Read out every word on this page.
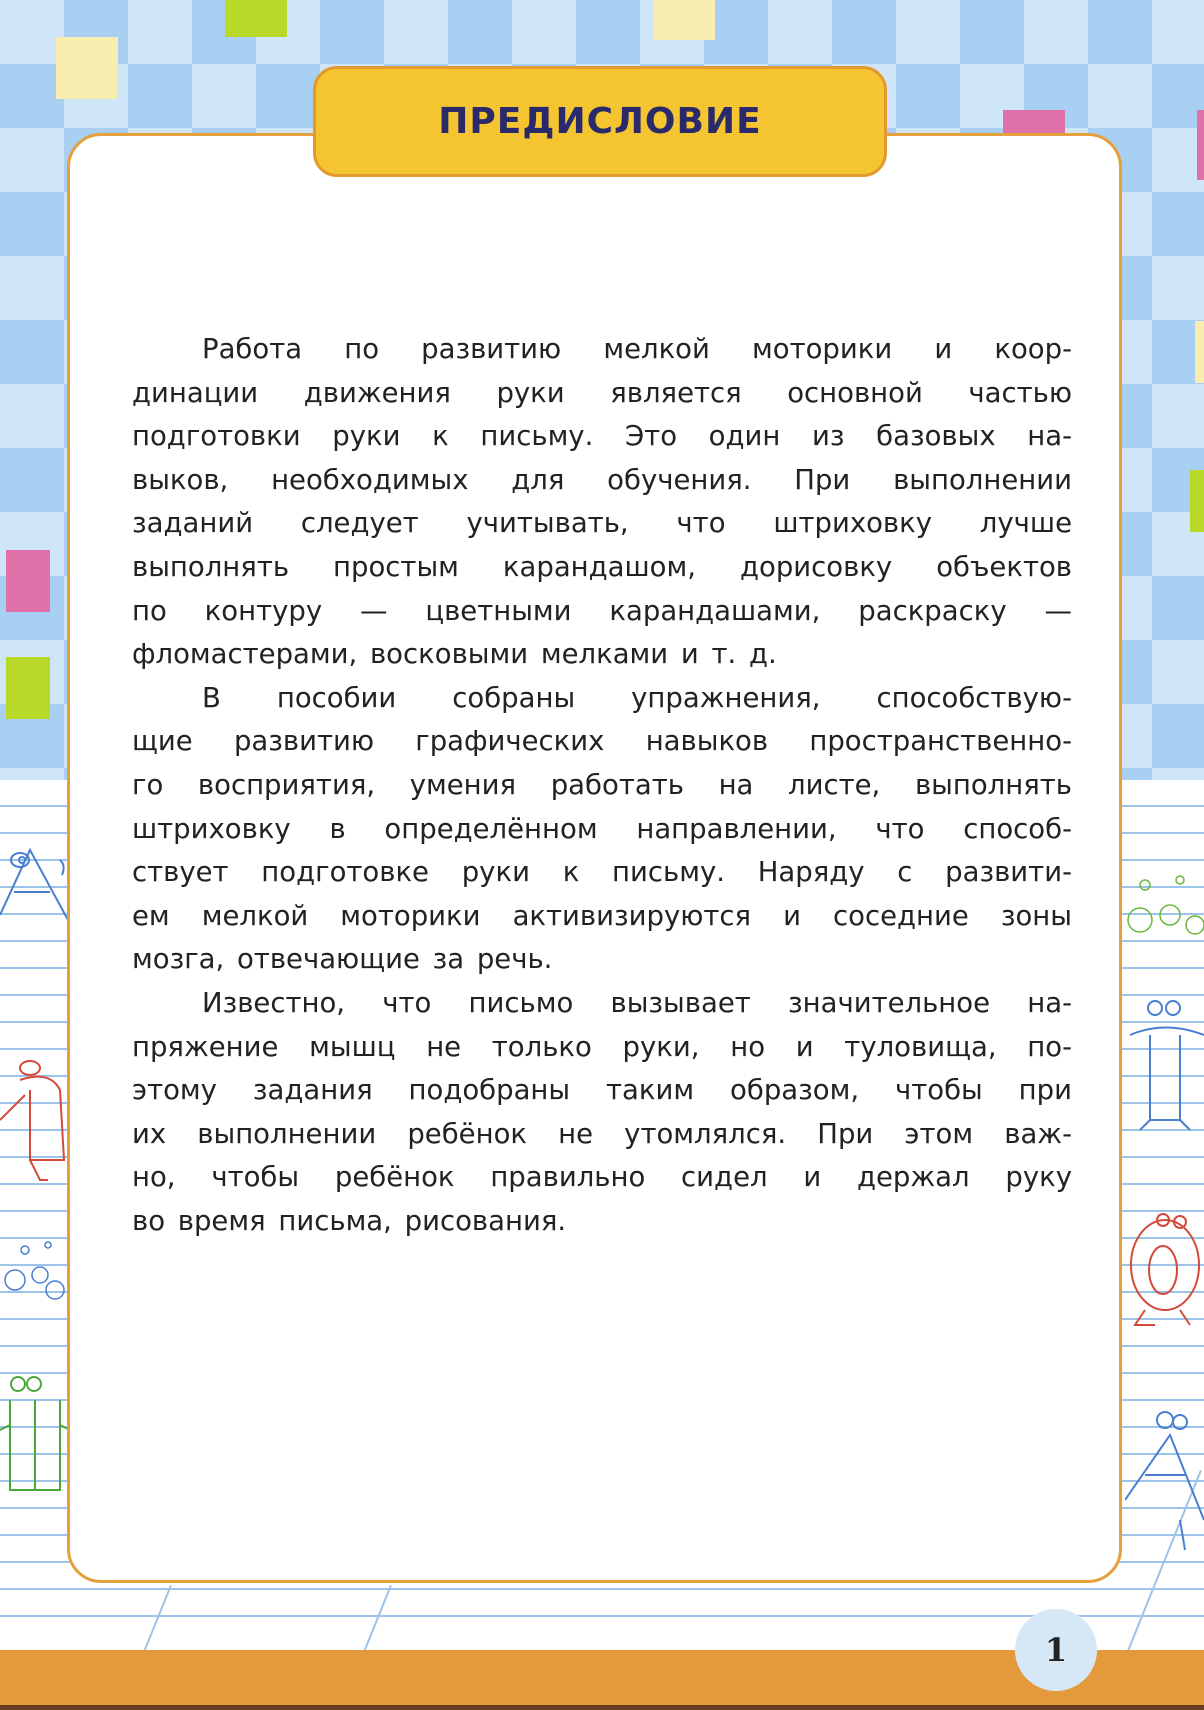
ПРЕДИСЛОВИЕ
Работа по развитию мелкой моторики и коор-
динации движения руки является основной частью
подготовки руки к письму. Это один из базовых на-
выков, необходимых для обучения. При выполнении
заданий следует учитывать, что штриховку лучше
выполнять простым карандашом, дорисовку объектов
по контуру — цветными карандашами, раскраску —
фломастерами, восковыми мелками и т. д.
В пособии собраны упражнения, способствую-
щие развитию графических навыков пространственно-
го восприятия, умения работать на листе, выполнять
штриховку в определённом направлении, что способ-
ствует подготовке руки к письму. Наряду с развити-
ем мелкой моторики активизируются и соседние зоны
мозга, отвечающие за речь.
Известно, что письмо вызывает значительное на-
пряжение мышц не только руки, но и туловища, по-
этому задания подобраны таким образом, чтобы при
их выполнении ребёнок не утомлялся. При этом важ-
но, чтобы ребёнок правильно сидел и держал руку
во время письма, рисования.
1
